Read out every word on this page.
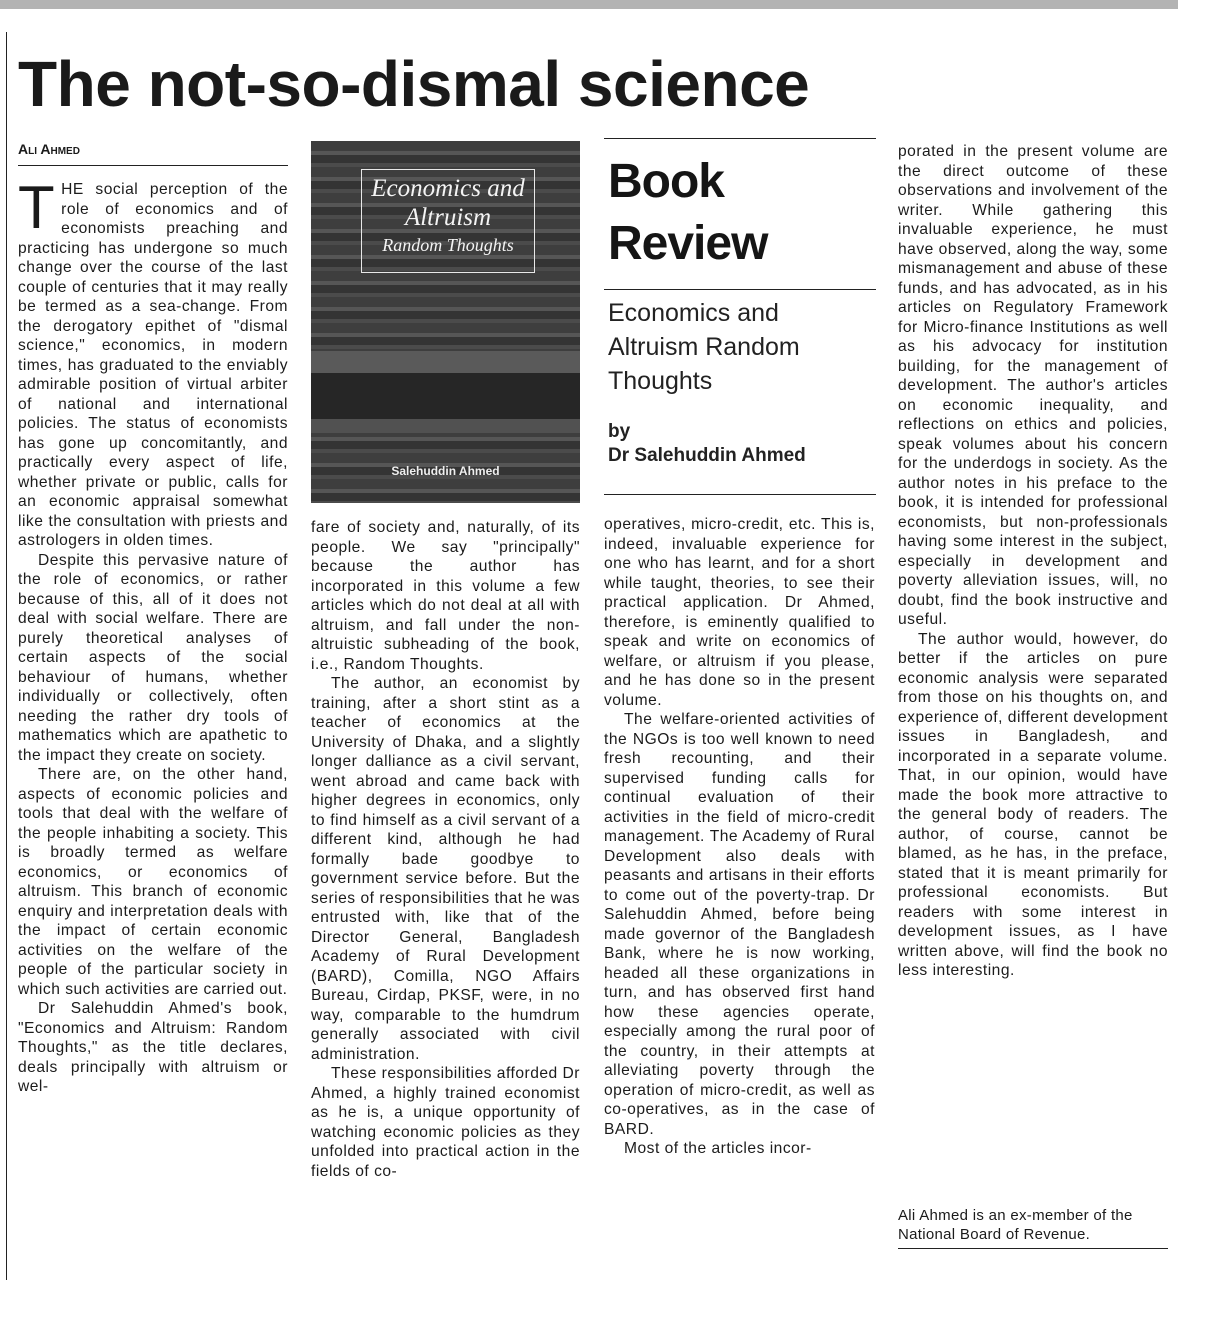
The not-so-dismal science
Ali Ahmed

THE social perception of the role of economics and of economists preaching and practicing has undergone so much change over the course of the last couple of centuries that it may really be termed as a sea-change. From the derogatory epithet of "dismal science," economics, in modern times, has graduated to the enviably admirable position of virtual arbiter of national and international policies. The status of economists has gone up concomitantly, and practically every aspect of life, whether private or public, calls for an economic appraisal somewhat like the consultation with priests and astrologers in olden times.

Despite this pervasive nature of the role of economics, or rather because of this, all of it does not deal with social welfare. There are purely theoretical analyses of certain aspects of the social behaviour of humans, whether individually or collectively, often needing the rather dry tools of mathematics which are apathetic to the impact they create on society.

There are, on the other hand, aspects of economic policies and tools that deal with the welfare of the people inhabiting a society. This is broadly termed as welfare economics, or economics of altruism. This branch of economic enquiry and interpretation deals with the impact of certain economic activities on the welfare of the people of the particular society in which such activities are carried out.

Dr Salehuddin Ahmed's book, "Economics and Altruism: Random Thoughts," as the title declares, deals principally with altruism or wel-

Economics and Altruism
Random Thoughts
Salehuddin Ahmed

fare of society and, naturally, of its people. We say "principally" because the author has incorporated in this volume a few articles which do not deal at all with altruism, and fall under the non-altruistic subheading of the book, i.e., Random Thoughts.

The author, an economist by training, after a short stint as a teacher of economics at the University of Dhaka, and a slightly longer dalliance as a civil servant, went abroad and came back with higher degrees in economics, only to find himself as a civil servant of a different kind, although he had formally bade goodbye to government service before. But the series of responsibilities that he was entrusted with, like that of the Director General, Bangladesh Academy of Rural Development (BARD), Comilla, NGO Affairs Bureau, Cirdap, PKSF, were, in no way, comparable to the humdrum generally associated with civil administration.

These responsibilities afforded Dr Ahmed, a highly trained economist as he is, a unique opportunity of watching economic policies as they unfolded into practical action in the fields of co-

Book Review
Economics and Altruism Random Thoughts
by
Dr Salehuddin Ahmed

operatives, micro-credit, etc. This is, indeed, invaluable experience for one who has learnt, and for a short while taught, theories, to see their practical application. Dr Ahmed, therefore, is eminently qualified to speak and write on economics of welfare, or altruism if you please, and he has done so in the present volume.

The welfare-oriented activities of the NGOs is too well known to need fresh recounting, and their supervised funding calls for continual evaluation of their activities in the field of micro-credit management. The Academy of Rural Development also deals with peasants and artisans in their efforts to come out of the poverty-trap. Dr Salehuddin Ahmed, before being made governor of the Bangladesh Bank, where he is now working, headed all these organizations in turn, and has observed first hand how these agencies operate, especially among the rural poor of the country, in their attempts at alleviating poverty through the operation of micro-credit, as well as co-operatives, as in the case of BARD.

Most of the articles incor-

porated in the present volume are the direct outcome of these observations and involvement of the writer. While gathering this invaluable experience, he must have observed, along the way, some mismanagement and abuse of these funds, and has advocated, as in his articles on Regulatory Framework for Micro-finance Institutions as well as his advocacy for institution building, for the management of development. The author's articles on economic inequality, and reflections on ethics and policies, speak volumes about his concern for the underdogs in society. As the author notes in his preface to the book, it is intended for professional economists, but non-professionals having some interest in the subject, especially in development and poverty alleviation issues, will, no doubt, find the book instructive and useful.

The author would, however, do better if the articles on pure economic analysis were separated from those on his thoughts on, and experience of, different development issues in Bangladesh, and incorporated in a separate volume. That, in our opinion, would have made the book more attractive to the general body of readers. The author, of course, cannot be blamed, as he has, in the preface, stated that it is meant primarily for professional economists. But readers with some interest in development issues, as I have written above, will find the book no less interesting.

Ali Ahmed is an ex-member of the National Board of Revenue.
